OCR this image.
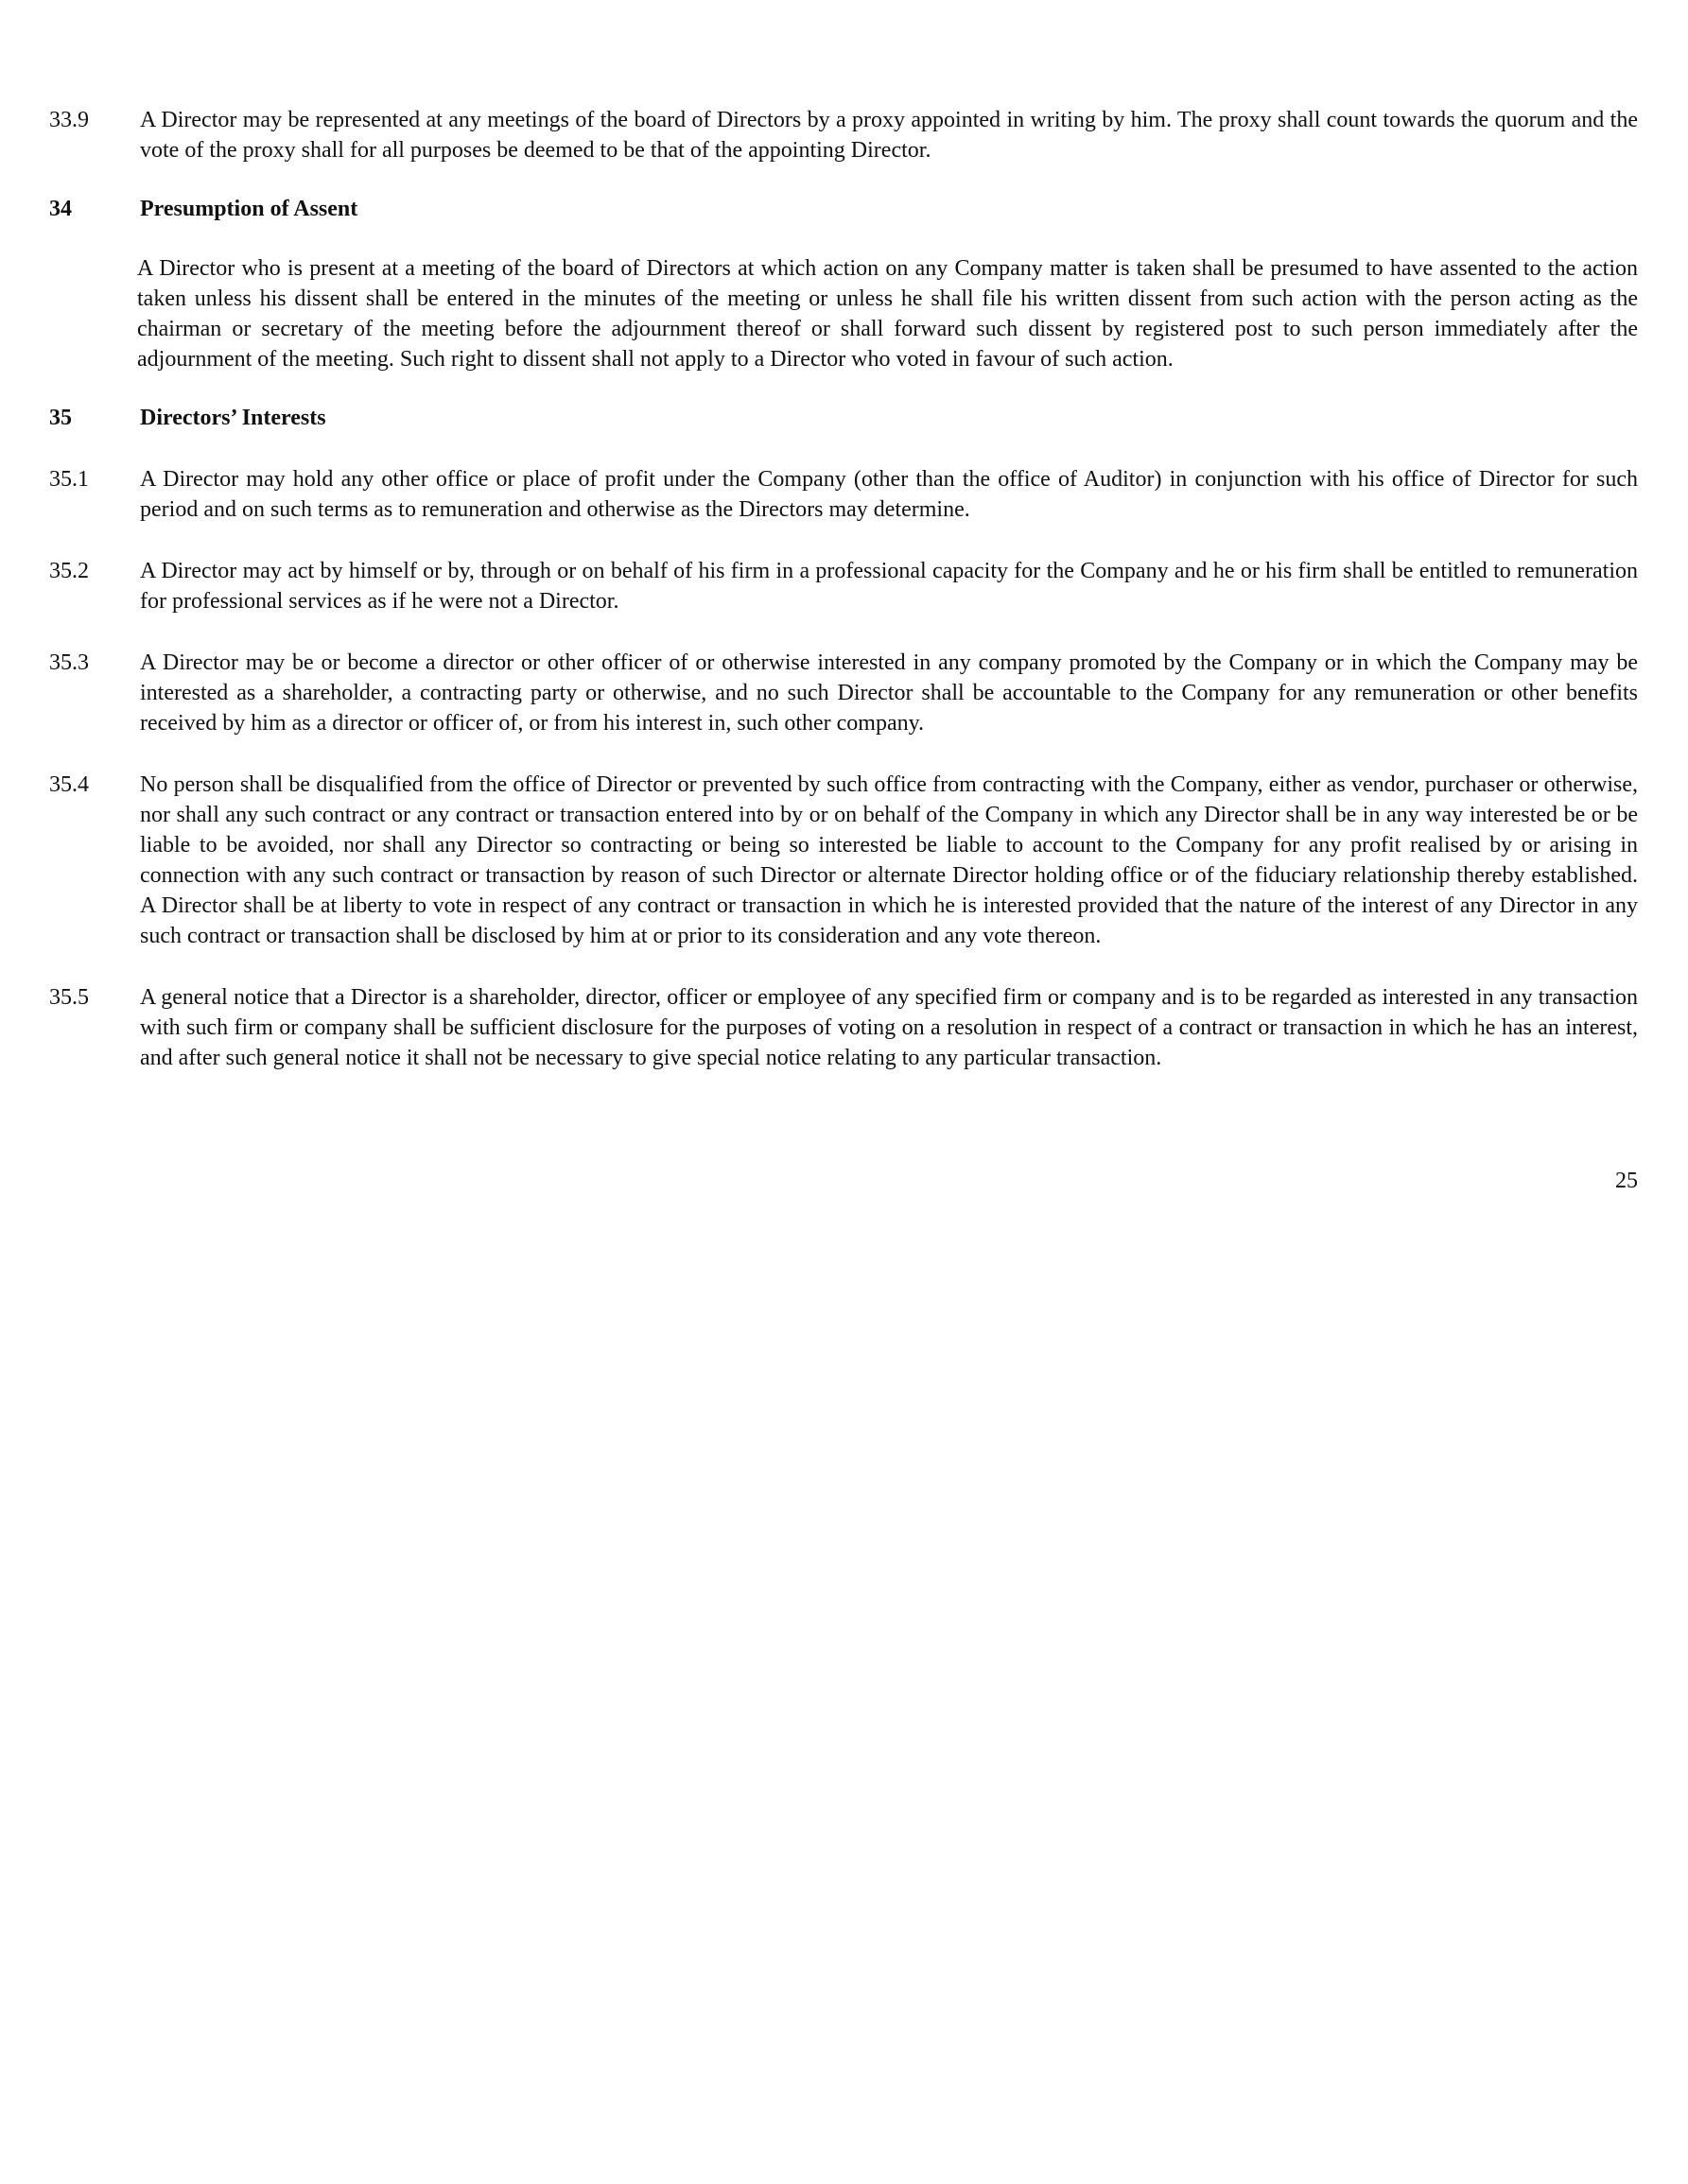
33.9	A Director may be represented at any meetings of the board of Directors by a proxy appointed in writing by him. The proxy shall count towards the quorum and the vote of the proxy shall for all purposes be deemed to be that of the appointing Director.
34	Presumption of Assent
A Director who is present at a meeting of the board of Directors at which action on any Company matter is taken shall be presumed to have assented to the action taken unless his dissent shall be entered in the minutes of the meeting or unless he shall file his written dissent from such action with the person acting as the chairman or secretary of the meeting before the adjournment thereof or shall forward such dissent by registered post to such person immediately after the adjournment of the meeting. Such right to dissent shall not apply to a Director who voted in favour of such action.
35	Directors’ Interests
35.1	A Director may hold any other office or place of profit under the Company (other than the office of Auditor) in conjunction with his office of Director for such period and on such terms as to remuneration and otherwise as the Directors may determine.
35.2	A Director may act by himself or by, through or on behalf of his firm in a professional capacity for the Company and he or his firm shall be entitled to remuneration for professional services as if he were not a Director.
35.3	A Director may be or become a director or other officer of or otherwise interested in any company promoted by the Company or in which the Company may be interested as a shareholder, a contracting party or otherwise, and no such Director shall be accountable to the Company for any remuneration or other benefits received by him as a director or officer of, or from his interest in, such other company.
35.4	No person shall be disqualified from the office of Director or prevented by such office from contracting with the Company, either as vendor, purchaser or otherwise, nor shall any such contract or any contract or transaction entered into by or on behalf of the Company in which any Director shall be in any way interested be or be liable to be avoided, nor shall any Director so contracting or being so interested be liable to account to the Company for any profit realised by or arising in connection with any such contract or transaction by reason of such Director or alternate Director holding office or of the fiduciary relationship thereby established. A Director shall be at liberty to vote in respect of any contract or transaction in which he is interested provided that the nature of the interest of any Director in any such contract or transaction shall be disclosed by him at or prior to its consideration and any vote thereon.
35.5	A general notice that a Director is a shareholder, director, officer or employee of any specified firm or company and is to be regarded as interested in any transaction with such firm or company shall be sufficient disclosure for the purposes of voting on a resolution in respect of a contract or transaction in which he has an interest, and after such general notice it shall not be necessary to give special notice relating to any particular transaction.
25
